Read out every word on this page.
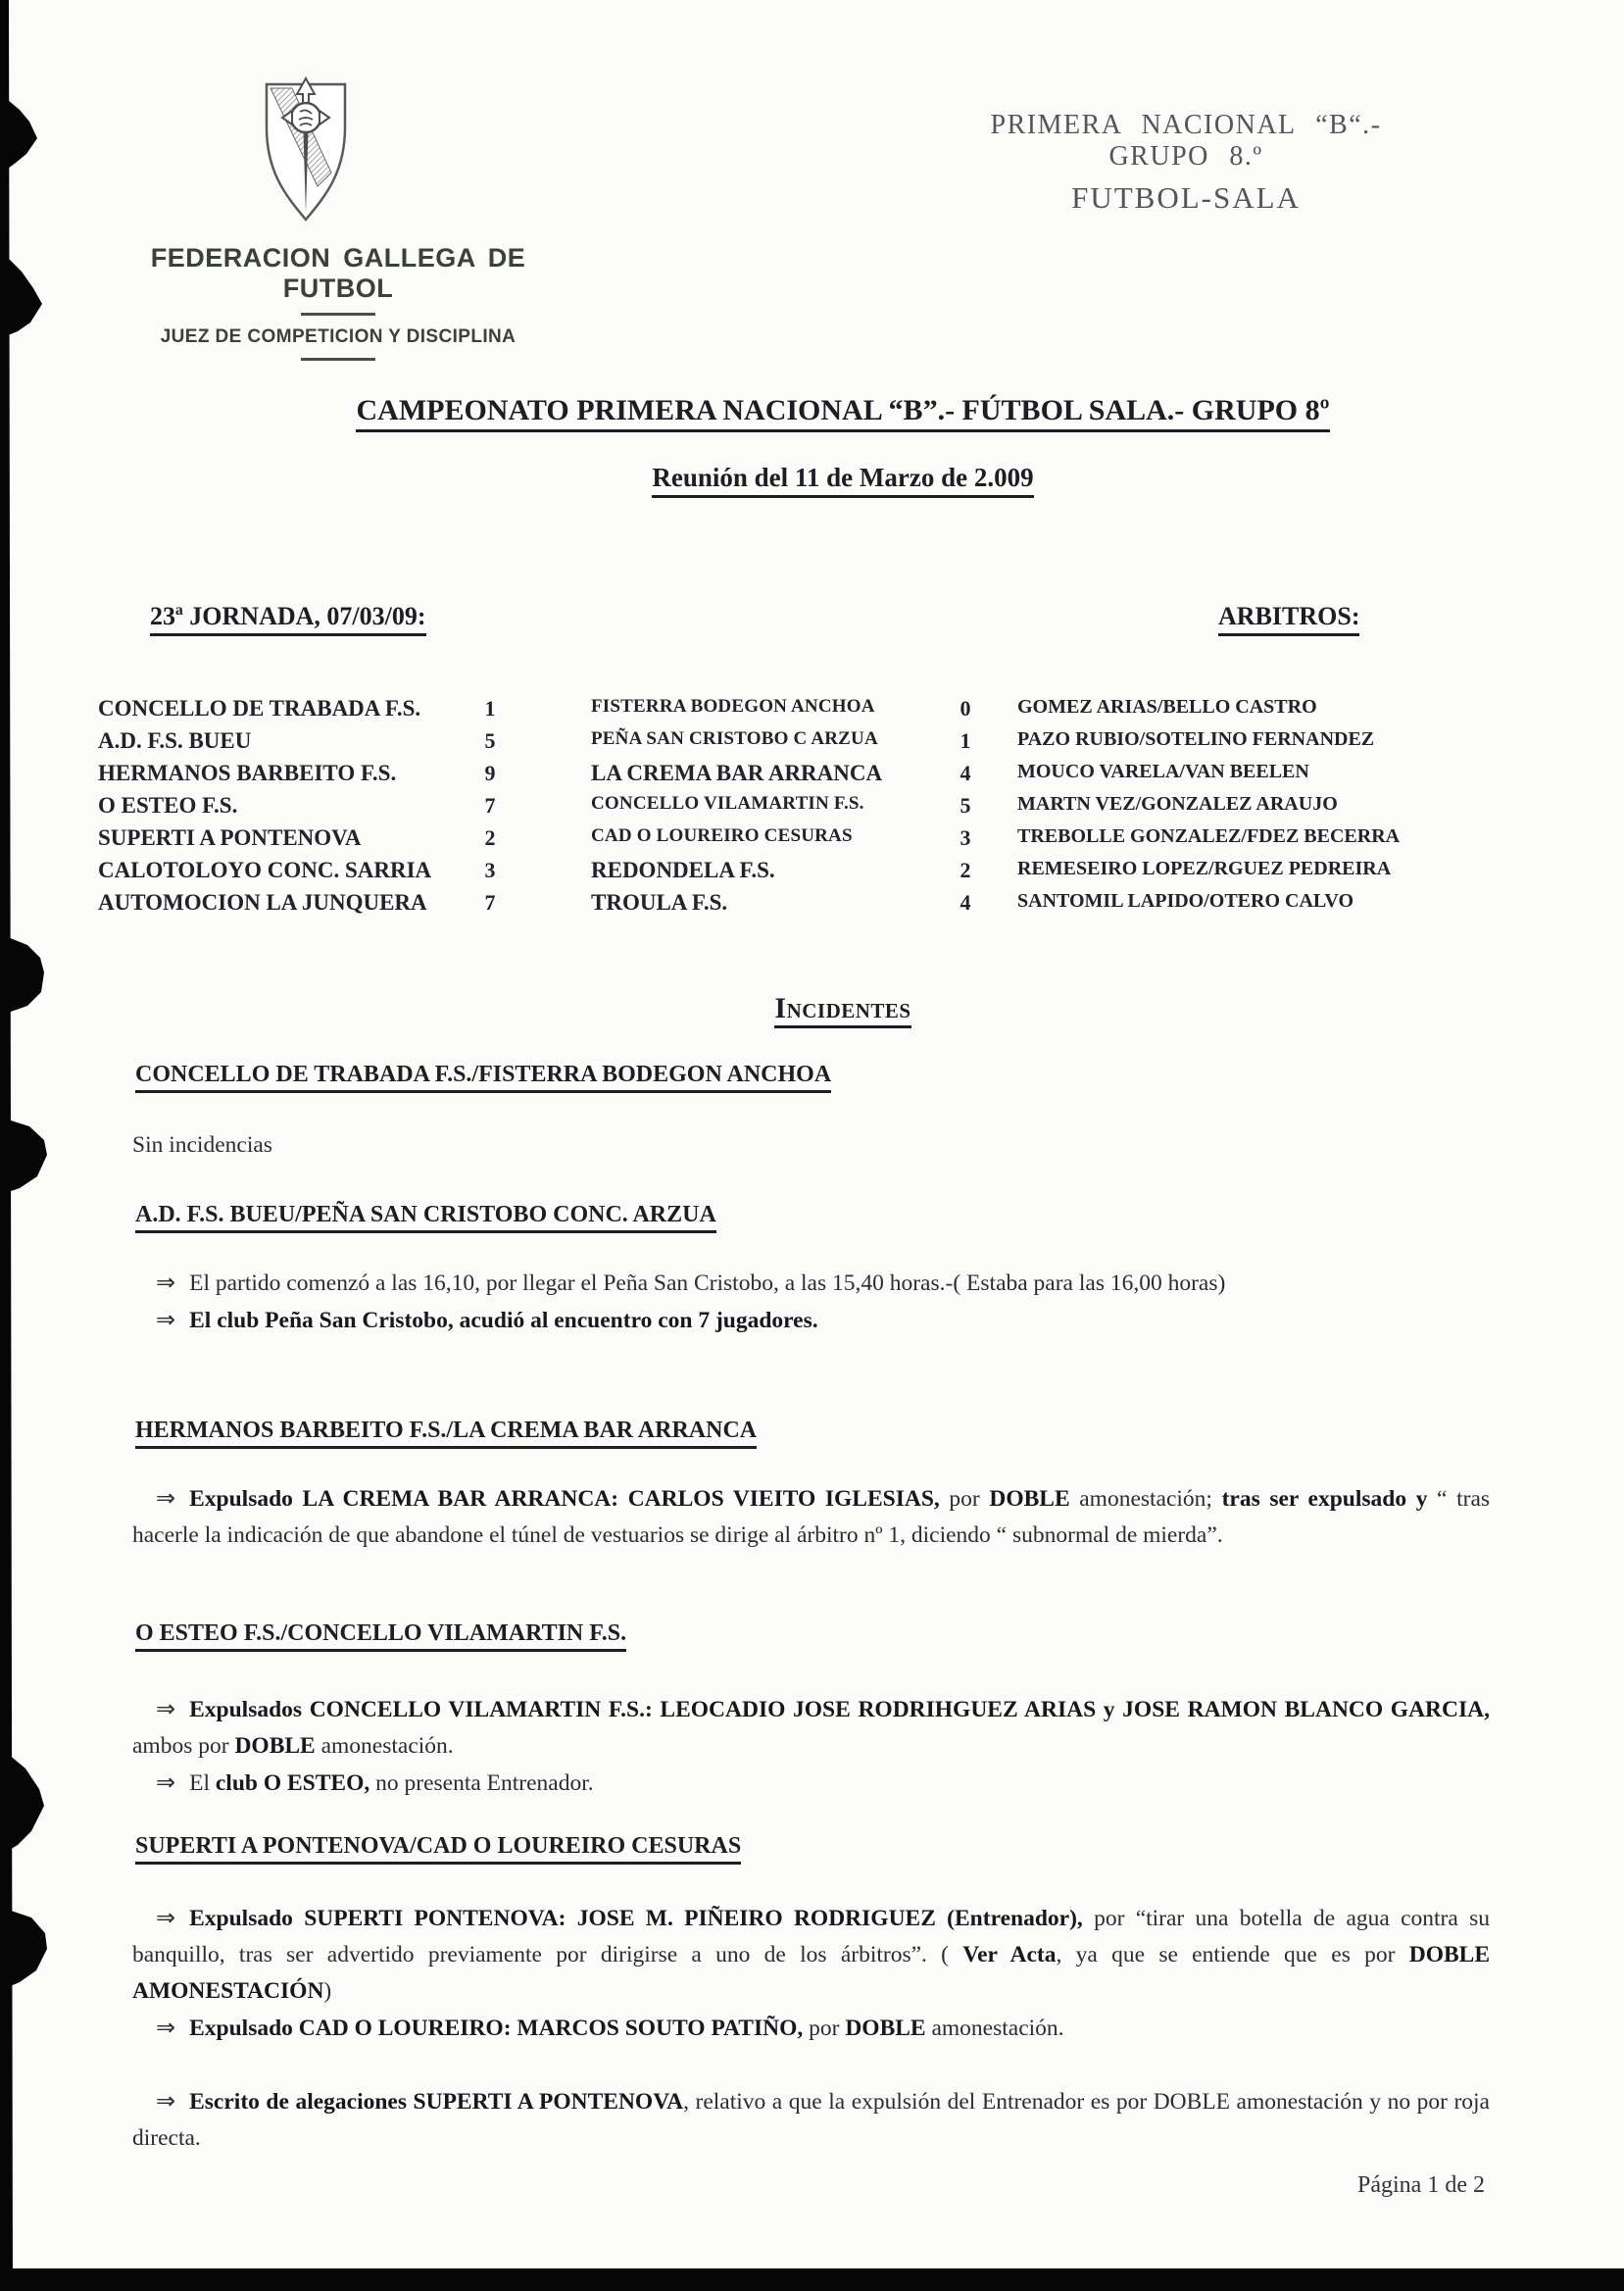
FEDERACION GALLEGA DE FUTBOL
JUEZ DE COMPETICION Y DISCIPLINA
PRIMERA NACIONAL “B“.- GRUPO 8.º
FUTBOL-SALA
CAMPEONATO PRIMERA NACIONAL “B”.- FÚTBOL SALA.- GRUPO 8º
Reunión del 11 de Marzo de 2.009
23ª JORNADA, 07/03/09:	ARBITROS:
CONCELLO DE TRABADA F.S.	1	FISTERRA BODEGON ANCHOA	0	GOMEZ ARIAS/BELLO CASTRO
A.D. F.S. BUEU	5	PEÑA SAN CRISTOBO C ARZUA	1	PAZO RUBIO/SOTELINO FERNANDEZ
HERMANOS BARBEITO F.S.	9	LA CREMA BAR ARRANCA	4	MOUCO VARELA/VAN BEELEN
O ESTEO F.S.	7	CONCELLO VILAMARTIN F.S.	5	MARTN VEZ/GONZALEZ ARAUJO
SUPERTI A PONTENOVA	2	CAD O LOUREIRO CESURAS	3	TREBOLLE GONZALEZ/FDEZ BECERRA
CALOTOLOYO CONC. SARRIA	3	REDONDELA F.S.	2	REMESEIRO LOPEZ/RGUEZ PEDREIRA
AUTOMOCION LA JUNQUERA	7	TROULA F.S.	4	SANTOMIL LAPIDO/OTERO CALVO
Incidentes
CONCELLO DE TRABADA F.S./FISTERRA BODEGON ANCHOA

Sin incidencias

A.D. F.S. BUEU/PEÑA SAN CRISTOBO CONC. ARZUA

⇒ El partido comenzó a las 16,10, por llegar el Peña San Cristobo, a las 15,40 horas.-( Estaba para las 16,00 horas)

⇒ El club Peña San Cristobo, acudió al encuentro con 7 jugadores.

HERMANOS BARBEITO F.S./LA CREMA BAR ARRANCA

⇒ Expulsado LA CREMA BAR ARRANCA: CARLOS VIEITO IGLESIAS, por DOBLE amonestación; tras ser expulsado y “ tras hacerle la indicación de que abandone el túnel de vestuarios se dirige al árbitro nº 1, diciendo “ subnormal de mierda”.

O ESTEO F.S./CONCELLO VILAMARTIN F.S.

⇒ Expulsados CONCELLO VILAMARTIN F.S.: LEOCADIO JOSE RODRIHGUEZ ARIAS y JOSE RAMON BLANCO GARCIA, ambos por DOBLE amonestación.

⇒ El club O ESTEO, no presenta Entrenador.

SUPERTI A PONTENOVA/CAD O LOUREIRO CESURAS

⇒ Expulsado SUPERTI PONTENOVA: JOSE M. PIÑEIRO RODRIGUEZ (Entrenador), por “tirar una botella de agua contra su banquillo, tras ser advertido previamente por dirigirse a uno de los árbitros”. ( Ver Acta, ya que se entiende que es por DOBLE AMONESTACIÓN)

⇒ Expulsado CAD O LOUREIRO: MARCOS SOUTO PATIÑO, por DOBLE amonestación.

⇒ Escrito de alegaciones SUPERTI A PONTENOVA, relativo a que la expulsión del Entrenador es por DOBLE amonestación y no por roja directa.

Página 1 de 2
